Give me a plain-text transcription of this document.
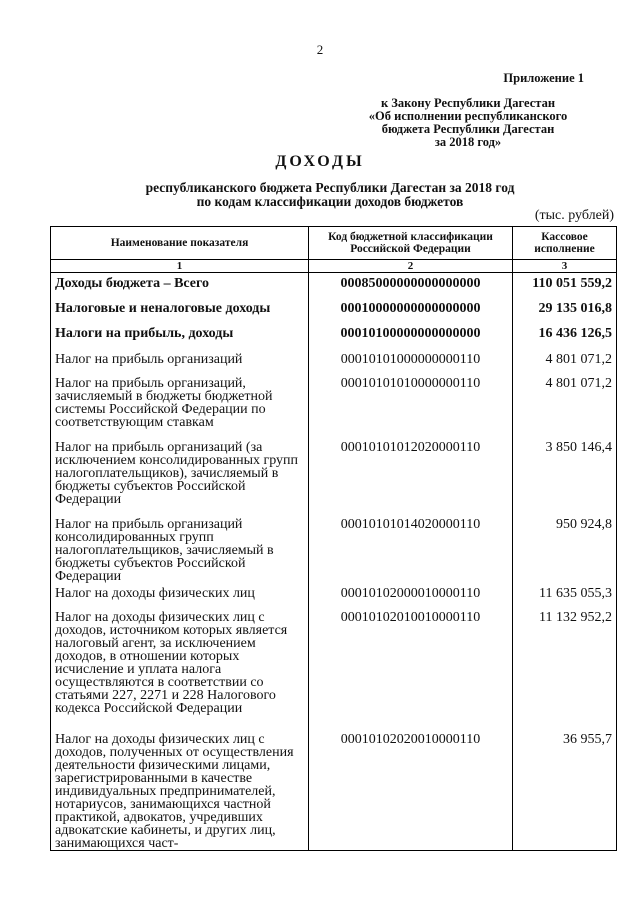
2
Приложение 1
к Закону Республики Дагестан
«Об исполнении республиканского
бюджета Республики Дагестан
за 2018 год»
ДОХОДЫ
республиканского бюджета Республики Дагестан за 2018 год
по кодам классификации доходов бюджетов
(тыс. рублей)
Наименование показателя	Код бюджетной классификации Российской Федерации	Кассовое исполнение
1	2	3
Доходы бюджета – Всего	00085000000000000000	110 051 559,2
Налоговые и неналоговые доходы	00010000000000000000	29 135 016,8
Налоги на прибыль, доходы	00010100000000000000	16 436 126,5
Налог на прибыль организаций	00010101000000000110	4 801 071,2
Налог на прибыль организаций, зачисляемый в бюджеты бюджетной системы Российской Федерации по соответствующим ставкам	00010101010000000110	4 801 071,2
Налог на прибыль организаций (за исключением консолидированных групп налогоплательщиков), зачисляемый в бюджеты субъектов Российской Федерации	00010101012020000110	3 850 146,4
Налог на прибыль организаций консолидированных групп налогоплательщиков, зачисляемый в бюджеты субъектов Российской Федерации	00010101014020000110	950 924,8
Налог на доходы физических лиц	00010102000010000110	11 635 055,3
Налог на доходы физических лиц с доходов, источником которых является налоговый агент, за исключением доходов, в отношении которых исчисление и уплата налога осуществляются в соответствии со статьями 227, 2271 и 228 Налогового кодекса Российской Федерации	00010102010010000110	11 132 952,2
Налог на доходы физических лиц с доходов, полученных от осуществления деятельности физическими лицами, зарегистрированными в качестве индивидуальных предпринимателей, нотариусов, занимающихся частной практикой, адвокатов, учредивших адвокатские кабинеты, и других лиц, занимающихся част-	00010102020010000110	36 955,7
